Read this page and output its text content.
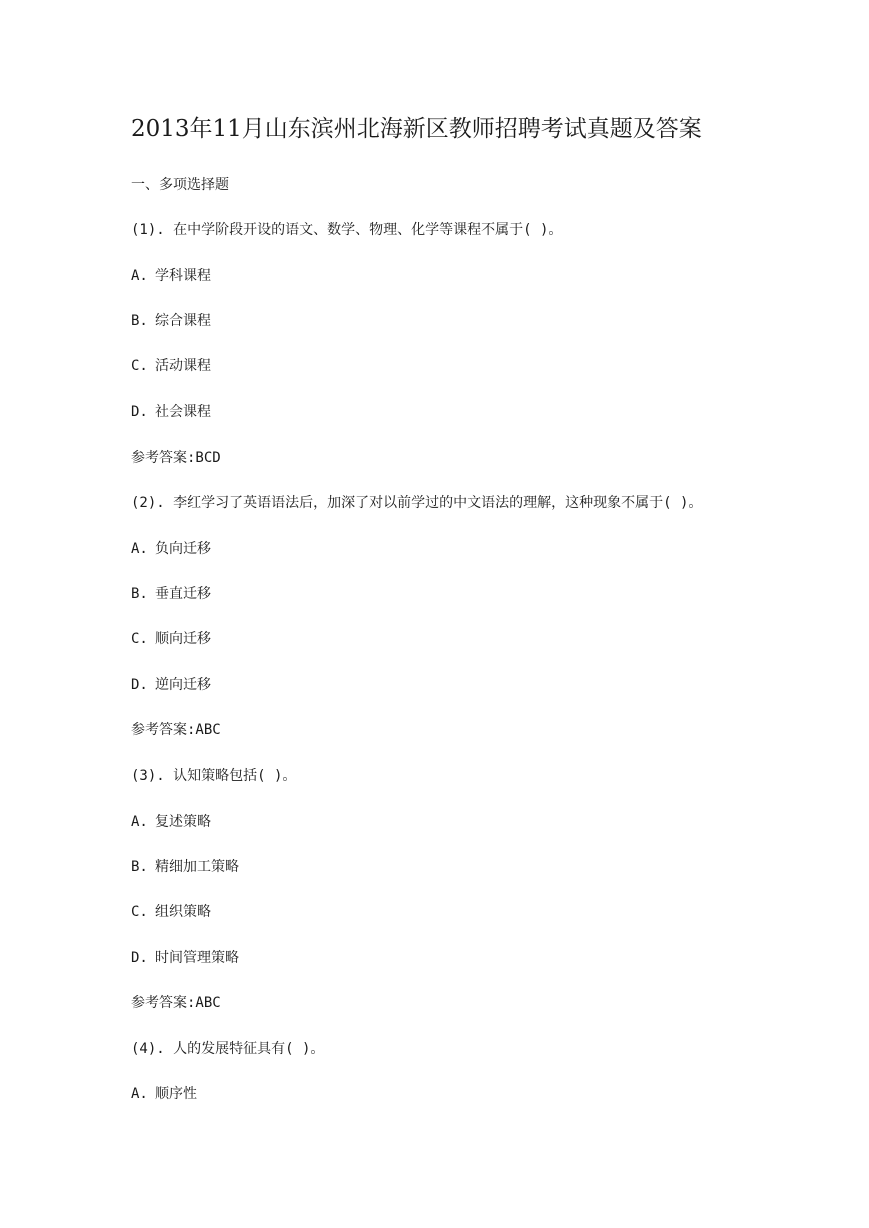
2013年11月山东滨州北海新区教师招聘考试真题及答案

一、多项选择题

(1). 在中学阶段开设的语文、数学、物理、化学等课程不属于( )。

A. 学科课程

B. 综合课程

C. 活动课程

D. 社会课程

参考答案:BCD

(2). 李红学习了英语语法后，加深了对以前学过的中文语法的理解，这种现象不属于( )。

A. 负向迁移

B. 垂直迁移

C. 顺向迁移

D. 逆向迁移

参考答案:ABC

(3). 认知策略包括( )。

A. 复述策略

B. 精细加工策略

C. 组织策略

D. 时间管理策略

参考答案:ABC

(4). 人的发展特征具有( )。

A. 顺序性
